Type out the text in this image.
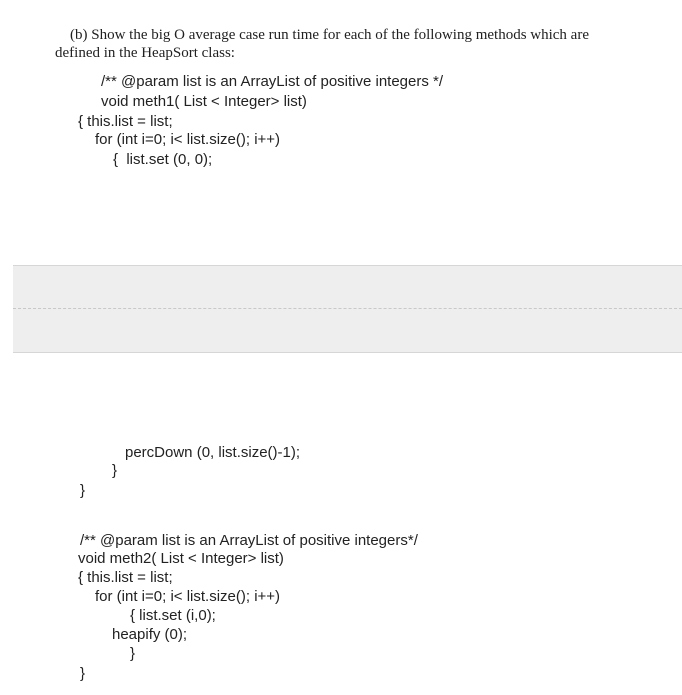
(b) Show the big O average case run time for each of the following methods which are
defined in the HeapSort class:
/** @param list is an ArrayList of positive integers */
void meth1( List < Integer> list)
{ this.list = list;
for (int i=0; i< list.size(); i++)
{  list.set (0, 0);
percDown (0, list.size()-1);
}
}
/** @param list is an ArrayList of positive integers*/
void meth2( List < Integer> list)
{ this.list = list;
for (int i=0; i< list.size(); i++)
{ list.set (i,0);
heapify (0);
}
}
